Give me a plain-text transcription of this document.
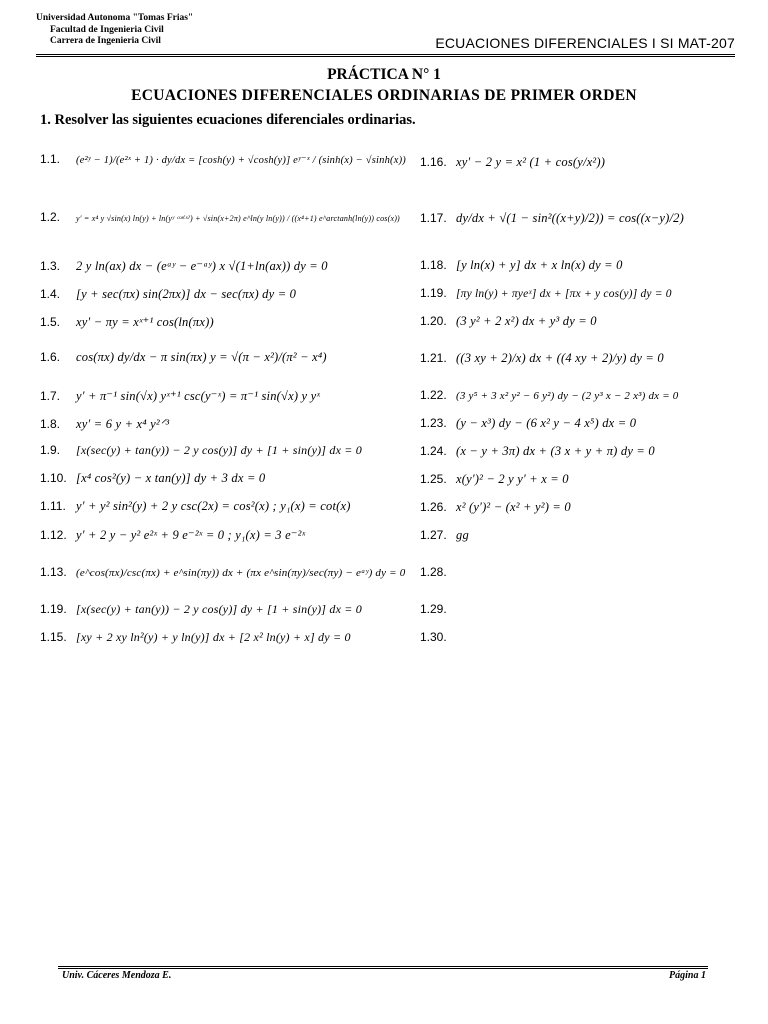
Universidad Autonoma "Tomas Frias"
Facultad de Ingenieria Civil
Carrera de Ingenieria Civil	ECUACIONES DIFERENCIALES I SI MAT-207
PRÁCTICA N° 1
ECUACIONES DIFERENCIALES ORDINARIAS DE PRIMER ORDEN
1. Resolver las siguientes ecuaciones diferenciales ordinarias.
1.1. (e²ʸ − 1)/(e²ˣ + 1) · dy/dx = [cosh(y) + √cosh(y)] eʸ⁻ˣ / (sinh(x) − √sinh(x))
1.2. y′ = x⁴ y √sin(x) ln(y) + ln(yʸ ᶜᵒˢ⁽ˣ⁾) + √sin(x+2π) e^ln(y ln(y)) / ((x⁴+1) e^arctanh(ln(y)) cos(x))
1.3. 2 y ln(ax) dx − (eᵃʸ − e⁻ᵃʸ) x √(1+ln(ax)) dy = 0
1.4. [y + sec(πx) sin(2πx)] dx − sec(πx) dy = 0
1.5. xy′ − πy = xˣ⁺¹ cos(ln(πx))
1.6. cos(πx) dy/dx − π sin(πx) y = √(π − x²)/(π² − x⁴)
1.7. y′ + π⁻¹ sin(√x) yˣ⁺¹ csc(y⁻ˣ) = π⁻¹ sin(√x) y yˣ
1.8. xy′ = 6 y + x⁴ y²ᐟ³
1.9. [x(sec(y) + tan(y)) − 2 y cos(y)] dy + [1 + sin(y)] dx = 0
1.10. [x⁴ cos²(y) − x tan(y)] dy + 3 dx = 0
1.11. y′ + y² sin²(y) + 2 y csc(2x) = cos²(x) ; y₁(x) = cot(x)
1.12. y′ + 2 y − y² e²ˣ + 9 e⁻²ˣ = 0 ; y₁(x) = 3 e⁻²ˣ
1.13. (e^cos(πx)/csc(πx) + e^sin(πy)) dx + (πx e^sin(πy)/sec(πy) − eᵃʸ) dy = 0
1.19. [x(sec(y) + tan(y)) − 2 y cos(y)] dy + [1 + sin(y)] dx = 0
1.15. [xy + 2 xy ln²(y) + y ln(y)] dx + [2 x² ln(y) + x] dy = 0
1.16. xy′ − 2 y = x² (1 + cos(y/x²))
1.17. dy/dx + √(1 − sin²((x+y)/2)) = cos((x−y)/2)
1.18. [y ln(x) + y] dx + x ln(x) dy = 0
1.19. [πy ln(y) + πyeˣ] dx + [πx + y cos(y)] dy = 0
1.20. (3 y² + 2 x²) dx + y³ dy = 0
1.21. ((3 xy + 2)/x) dx + ((4 xy + 2)/y) dy = 0
1.22. (3 y⁵ + 3 x² y² − 6 y²) dy − (2 y³ x − 2 x³) dx = 0
1.23. (y − x³) dy − (6 x² y − 4 x⁵) dx = 0
1.24. (x − y + 3π) dx + (3 x + y + π) dy = 0
1.25. x(y′)² − 2 y y′ + x = 0
1.26. x² (y′)² − (x² + y²) = 0
1.27. gg
1.28.
1.29.
1.30.
Univ. Cáceres Mendoza E.	Página 1
